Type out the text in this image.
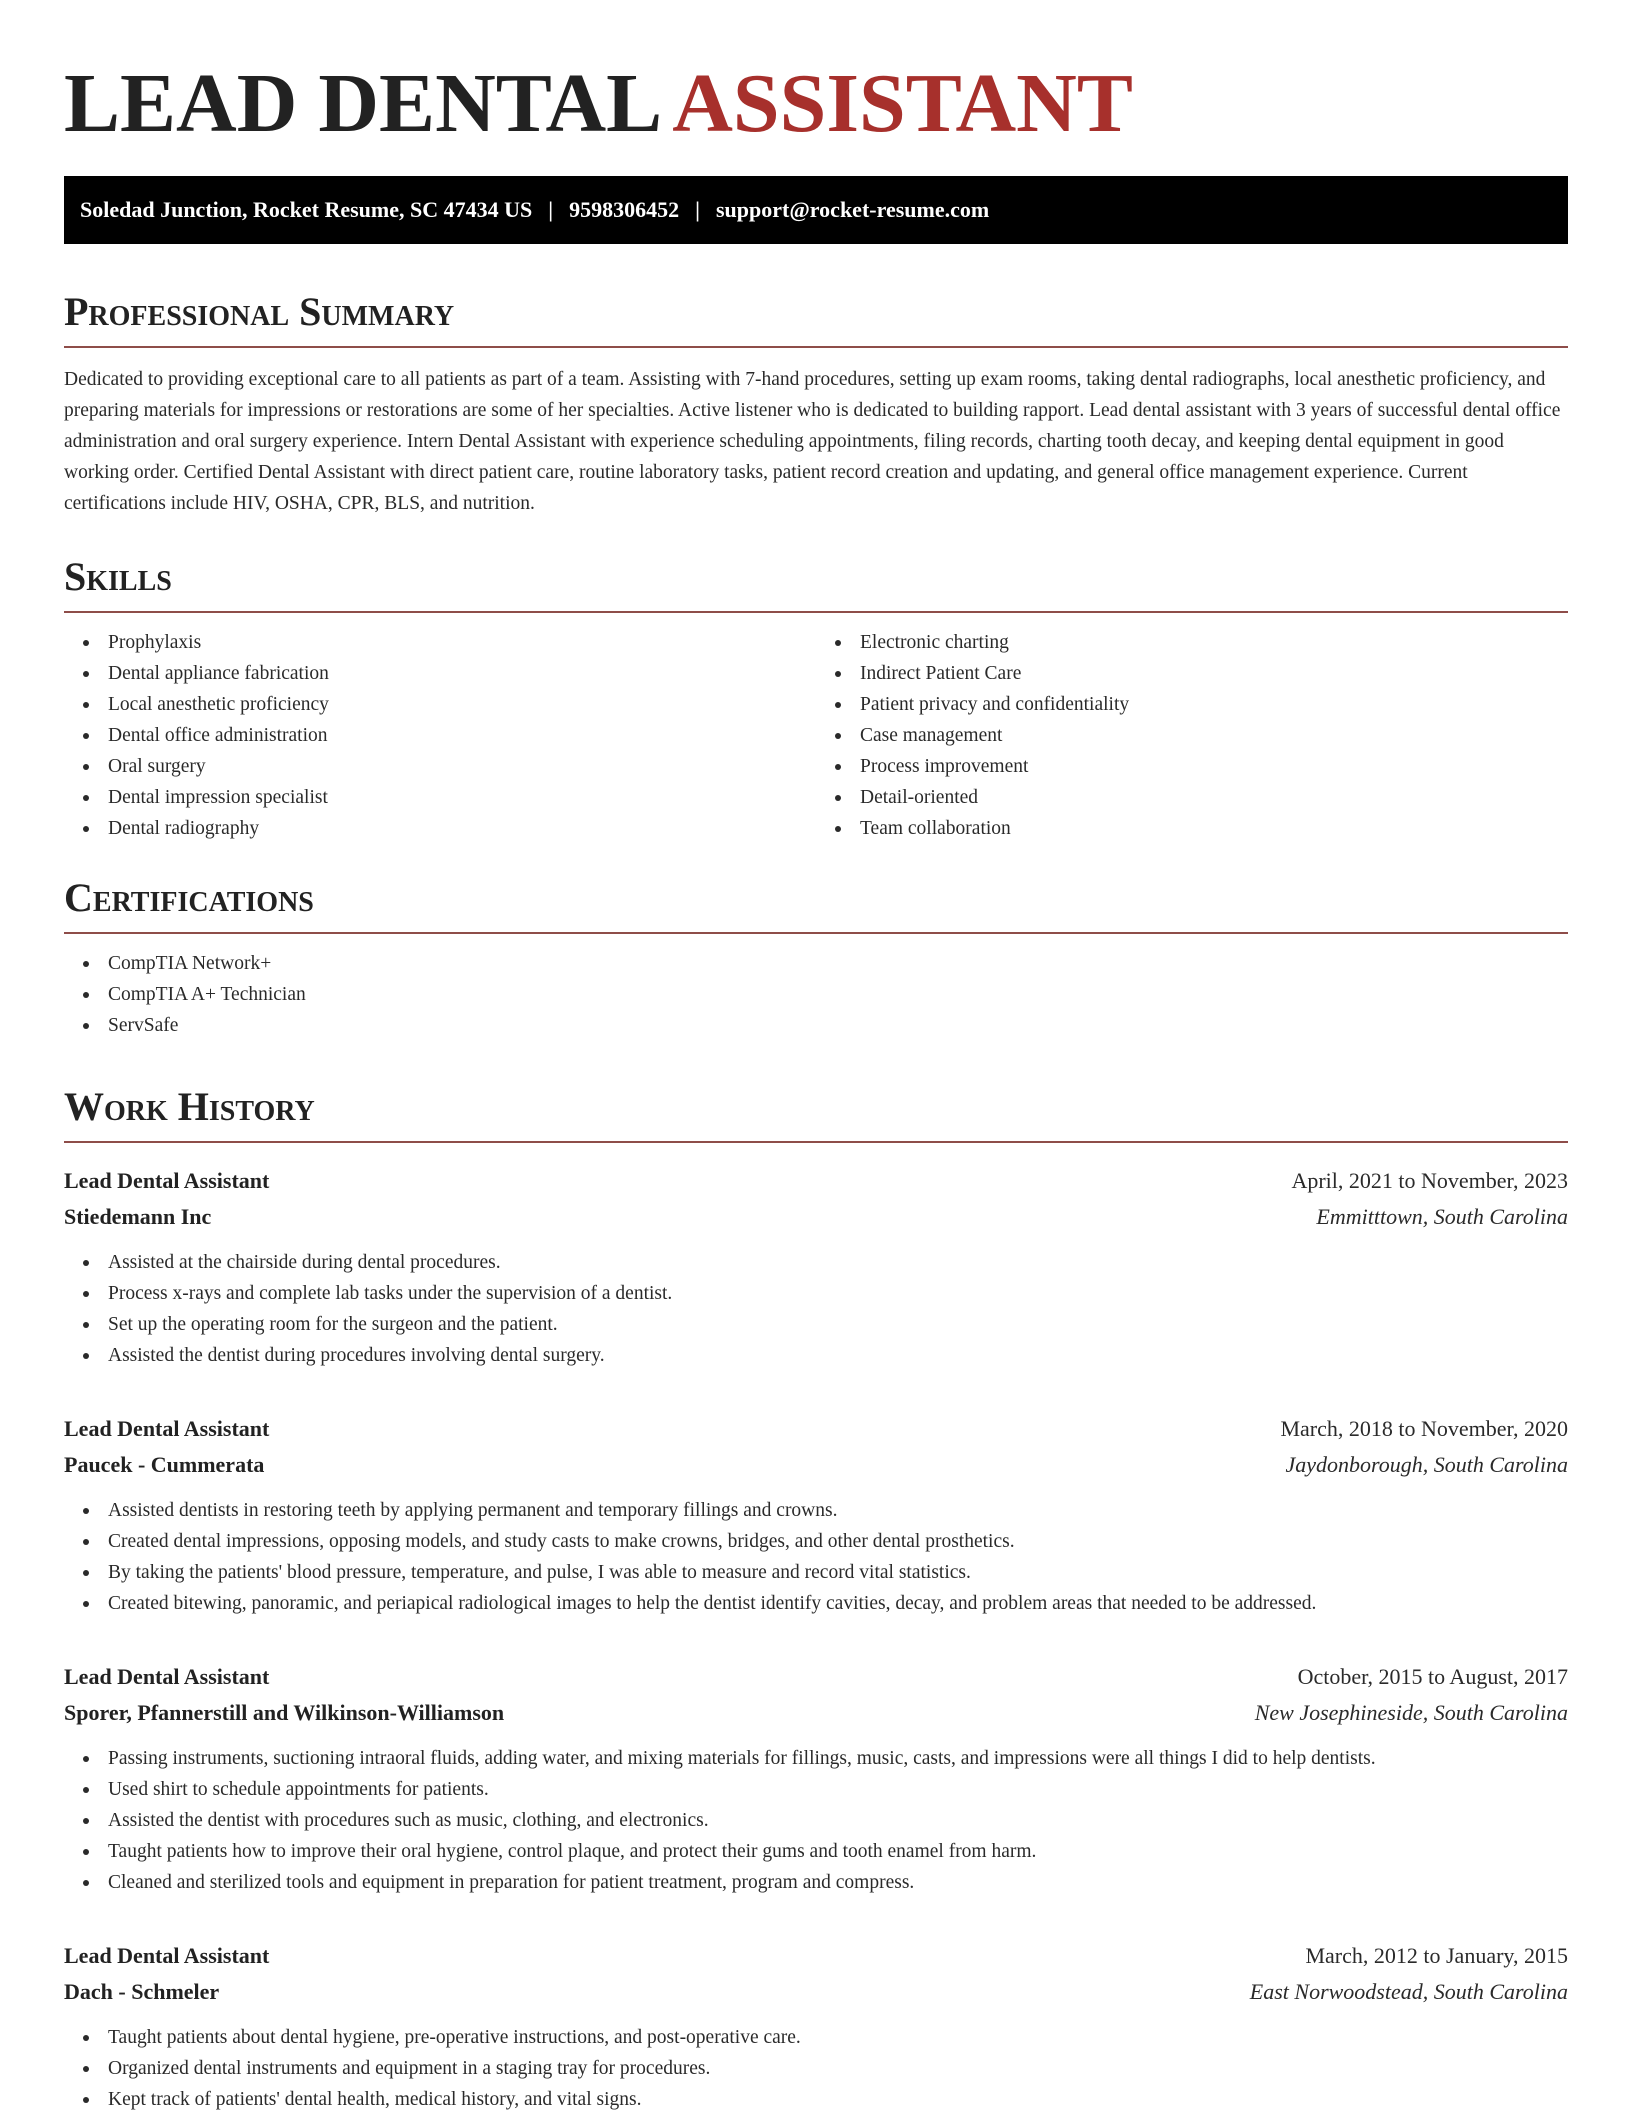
LEAD DENTAL ASSISTANT
Soledad Junction, Rocket Resume, SC 47434 US | 9598306452 | support@rocket-resume.com
Professional Summary

Dedicated to providing exceptional care to all patients as part of a team. Assisting with 7-hand procedures, setting up exam rooms, taking dental radiographs, local anesthetic proficiency, and preparing materials for impressions or restorations are some of her specialties. Active listener who is dedicated to building rapport. Lead dental assistant with 3 years of successful dental office administration and oral surgery experience. Intern Dental Assistant with experience scheduling appointments, filing records, charting tooth decay, and keeping dental equipment in good working order. Certified Dental Assistant with direct patient care, routine laboratory tasks, patient record creation and updating, and general office management experience. Current certifications include HIV, OSHA, CPR, BLS, and nutrition.

Skills
Prophylaxis
Dental appliance fabrication
Local anesthetic proficiency
Dental office administration
Oral surgery
Dental impression specialist
Dental radiography
Electronic charting
Indirect Patient Care
Patient privacy and confidentiality
Case management
Process improvement
Detail-oriented
Team collaboration
Certifications
CompTIA Network+
CompTIA A+ Technician
ServSafe
Work History
Lead Dental Assistant	April, 2021 to November, 2023
Stiedemann Inc	Emmitttown, South Carolina
Assisted at the chairside during dental procedures.
Process x-rays and complete lab tasks under the supervision of a dentist.
Set up the operating room for the surgeon and the patient.
Assisted the dentist during procedures involving dental surgery.
Lead Dental Assistant	March, 2018 to November, 2020
Paucek - Cummerata	Jaydonborough, South Carolina
Assisted dentists in restoring teeth by applying permanent and temporary fillings and crowns.
Created dental impressions, opposing models, and study casts to make crowns, bridges, and other dental prosthetics.
By taking the patients' blood pressure, temperature, and pulse, I was able to measure and record vital statistics.
Created bitewing, panoramic, and periapical radiological images to help the dentist identify cavities, decay, and problem areas that needed to be addressed.
Lead Dental Assistant	October, 2015 to August, 2017
Sporer, Pfannerstill and Wilkinson-Williamson	New Josephineside, South Carolina
Passing instruments, suctioning intraoral fluids, adding water, and mixing materials for fillings, music, casts, and impressions were all things I did to help dentists.
Used shirt to schedule appointments for patients.
Assisted the dentist with procedures such as music, clothing, and electronics.
Taught patients how to improve their oral hygiene, control plaque, and protect their gums and tooth enamel from harm.
Cleaned and sterilized tools and equipment in preparation for patient treatment, program and compress.
Lead Dental Assistant	March, 2012 to January, 2015
Dach - Schmeler	East Norwoodstead, South Carolina
Taught patients about dental hygiene, pre-operative instructions, and post-operative care.
Organized dental instruments and equipment in a staging tray for procedures.
Kept track of patients' dental health, medical history, and vital signs.
